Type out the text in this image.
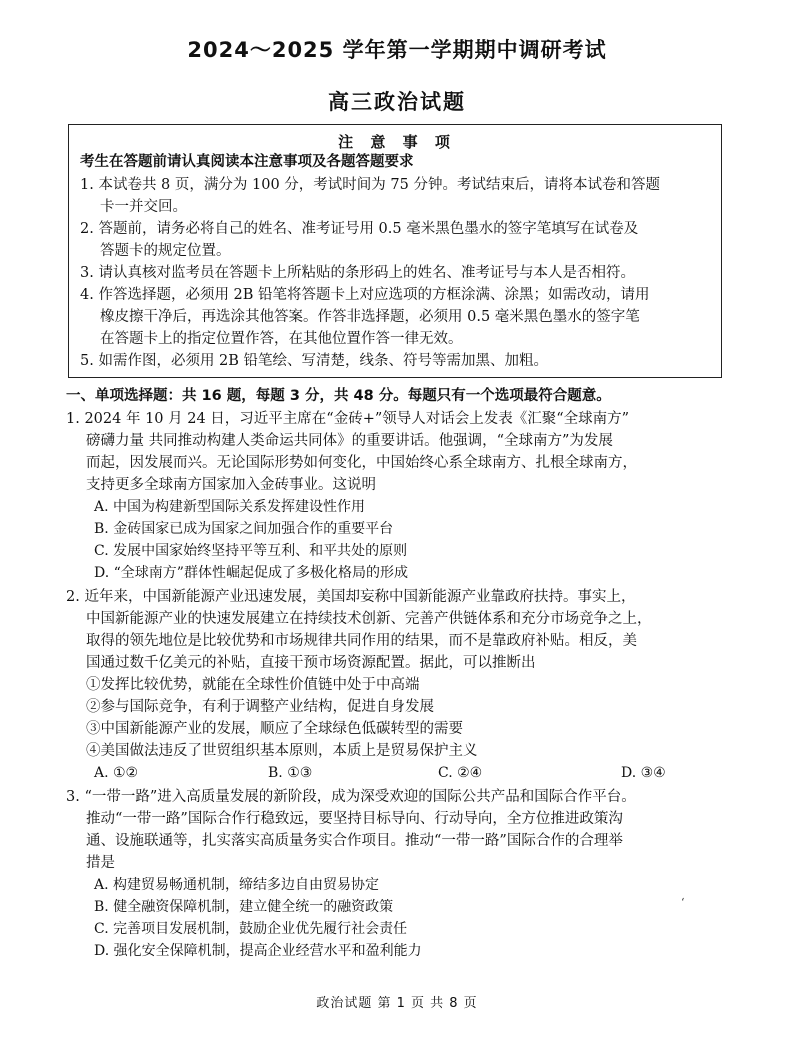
2024～2025 学年第一学期期中调研考试
高三政治试题
注 意 事 项
考生在答题前请认真阅读本注意事项及各题答题要求
1. 本试卷共 8 页，满分为 100 分，考试时间为 75 分钟。考试结束后，请将本试卷和答题
卡一并交回。
2. 答题前，请务必将自己的姓名、准考证号用 0.5 毫米黑色墨水的签字笔填写在试卷及
答题卡的规定位置。
3. 请认真核对监考员在答题卡上所粘贴的条形码上的姓名、准考证号与本人是否相符。
4. 作答选择题，必须用 2B 铅笔将答题卡上对应选项的方框涂满、涂黑；如需改动，请用
橡皮擦干净后，再选涂其他答案。作答非选择题，必须用 0.5 毫米黑色墨水的签字笔
在答题卡上的指定位置作答，在其他位置作答一律无效。
5. 如需作图，必须用 2B 铅笔绘、写清楚，线条、符号等需加黑、加粗。
一、单项选择题：共 16 题，每题 3 分，共 48 分。每题只有一个选项最符合题意。
1. 2024 年 10 月 24 日，习近平主席在“金砖+”领导人对话会上发表《汇聚“全球南方”
磅礴力量 共同推动构建人类命运共同体》的重要讲话。他强调，“全球南方”为发展
而起，因发展而兴。无论国际形势如何变化，中国始终心系全球南方、扎根全球南方，
支持更多全球南方国家加入金砖事业。这说明
A. 中国为构建新型国际关系发挥建设性作用
B. 金砖国家已成为国家之间加强合作的重要平台
C. 发展中国家始终坚持平等互利、和平共处的原则
D. “全球南方”群体性崛起促成了多极化格局的形成
2. 近年来，中国新能源产业迅速发展，美国却妄称中国新能源产业靠政府扶持。事实上，
中国新能源产业的快速发展建立在持续技术创新、完善产供链体系和充分市场竞争之上，
取得的领先地位是比较优势和市场规律共同作用的结果，而不是靠政府补贴。相反，美
国通过数千亿美元的补贴，直接干预市场资源配置。据此，可以推断出
①发挥比较优势，就能在全球性价值链中处于中高端
②参与国际竞争，有利于调整产业结构，促进自身发展
③中国新能源产业的发展，顺应了全球绿色低碳转型的需要
④美国做法违反了世贸组织基本原则，本质上是贸易保护主义
A. ①②	B. ①③	C. ②④	D. ③④
3. “一带一路”进入高质量发展的新阶段，成为深受欢迎的国际公共产品和国际合作平台。
推动“一带一路”国际合作行稳致远，要坚持目标导向、行动导向，全方位推进政策沟
通、设施联通等，扎实落实高质量务实合作项目。推动“一带一路”国际合作的合理举
措是
A. 构建贸易畅通机制，缔结多边自由贸易协定
B. 健全融资保障机制，建立健全统一的融资政策
C. 完善项目发展机制，鼓励企业优先履行社会责任
D. 强化安全保障机制，提高企业经营水平和盈利能力
ʻ
政治试题 第 1 页 共 8 页
